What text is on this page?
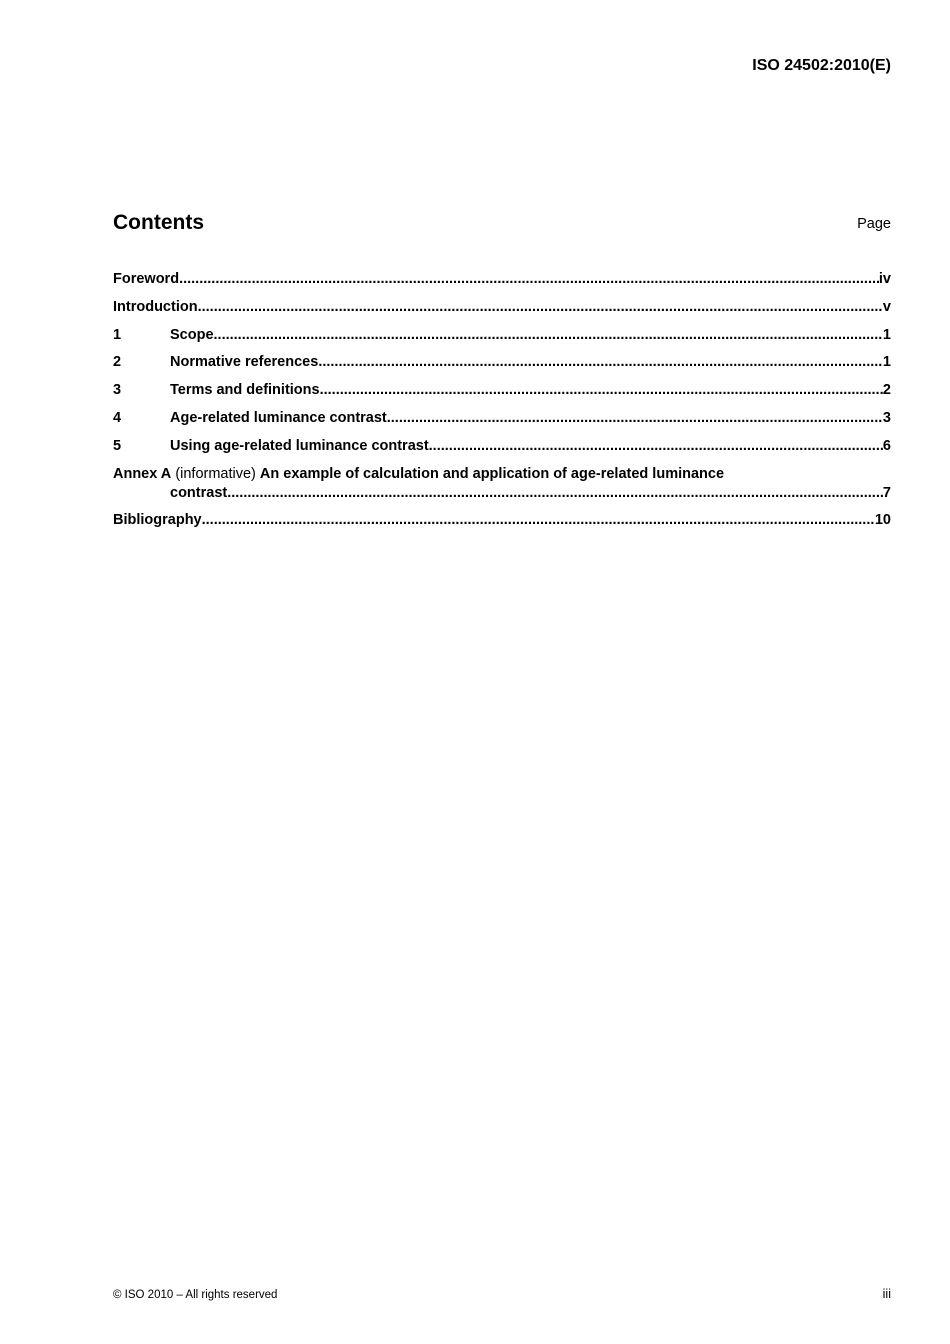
ISO 24502:2010(E)
Contents	Page
Foreword .....	iv
Introduction .....	v
1	Scope .....	1
2	Normative references .....	1
3	Terms and definitions .....	2
4	Age-related luminance contrast .....	3
5	Using age-related luminance contrast .....	6
Annex A (informative) An example of calculation and application of age-related luminance
contrast .....	7
Bibliography .....	10
© ISO 2010 – All rights reserved	iii
